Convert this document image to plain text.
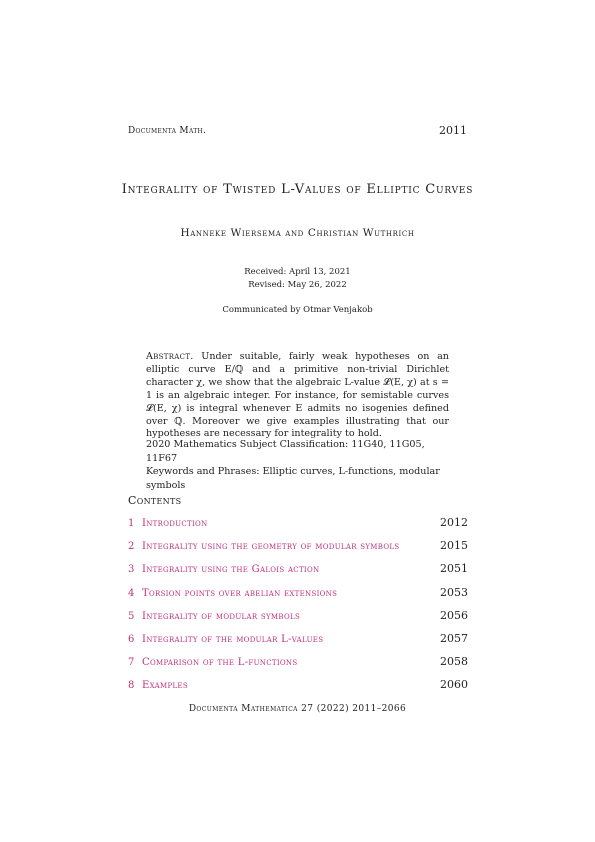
Documenta Math.	2011
Integrality of Twisted L-Values of Elliptic Curves
Hanneke Wiersema and Christian Wuthrich
Received: April 13, 2021
Revised: May 26, 2022
Communicated by Otmar Venjakob
Abstract. Under suitable, fairly weak hypotheses on an elliptic curve E/ℚ and a primitive non-trivial Dirichlet character χ, we show that the algebraic L-value 𝓛(E, χ) at s = 1 is an algebraic integer. For instance, for semistable curves 𝓛(E, χ) is integral whenever E admits no isogenies defined over ℚ. Moreover we give examples illustrating that our hypotheses are necessary for integrality to hold.
2020 Mathematics Subject Classification: 11G40, 11G05, 11F67
Keywords and Phrases: Elliptic curves, L-functions, modular symbols
Contents
1 Introduction	2012
2 Integrality using the geometry of modular symbols	2015
3 Integrality using the Galois action	2051
4 Torsion points over abelian extensions	2053
5 Integrality of modular symbols	2056
6 Integrality of the modular L-values	2057
7 Comparison of the L-functions	2058
8 Examples	2060
Documenta Mathematica 27 (2022) 2011–2066
